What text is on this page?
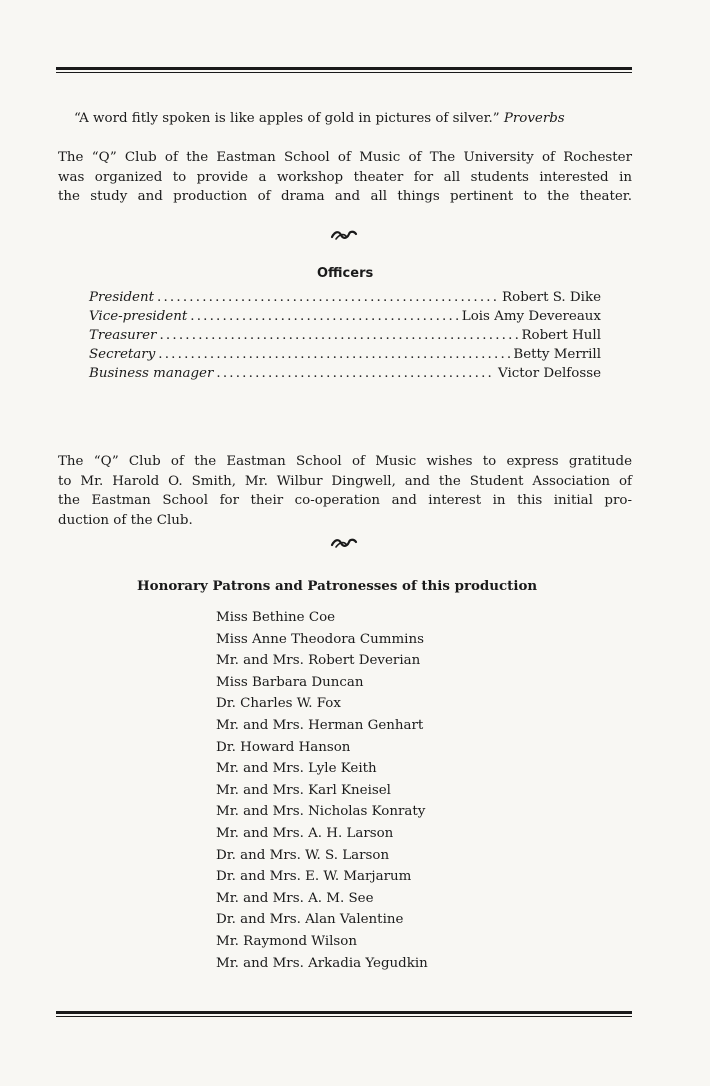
“A word fitly spoken is like apples of gold in pictures of silver.” Proverbs
The “Q” Club of the Eastman School of Music of The University of Rochester
was organized to provide a workshop theater for all students interested in
the study and production of drama and all things pertinent to the theater.
Officers
President .....	Robert S. Dike
Vice-president .....	Lois Amy Devereaux
Treasurer .....	Robert Hull
Secretary .....	Betty Merrill
Business manager .....	Victor Delfosse
The “Q” Club of the Eastman School of Music wishes to express gratitude
to Mr. Harold O. Smith, Mr. Wilbur Dingwell, and the Student Association of
the Eastman School for their co-operation and interest in this initial pro-
duction of the Club.
Honorary Patrons and Patronesses of this production
Miss Bethine Coe
Miss Anne Theodora Cummins
Mr. and Mrs. Robert Deverian
Miss Barbara Duncan
Dr. Charles W. Fox
Mr. and Mrs. Herman Genhart
Dr. Howard Hanson
Mr. and Mrs. Lyle Keith
Mr. and Mrs. Karl Kneisel
Mr. and Mrs. Nicholas Konraty
Mr. and Mrs. A. H. Larson
Dr. and Mrs. W. S. Larson
Dr. and Mrs. E. W. Marjarum
Mr. and Mrs. A. M. See
Dr. and Mrs. Alan Valentine
Mr. Raymond Wilson
Mr. and Mrs. Arkadia Yegudkin
